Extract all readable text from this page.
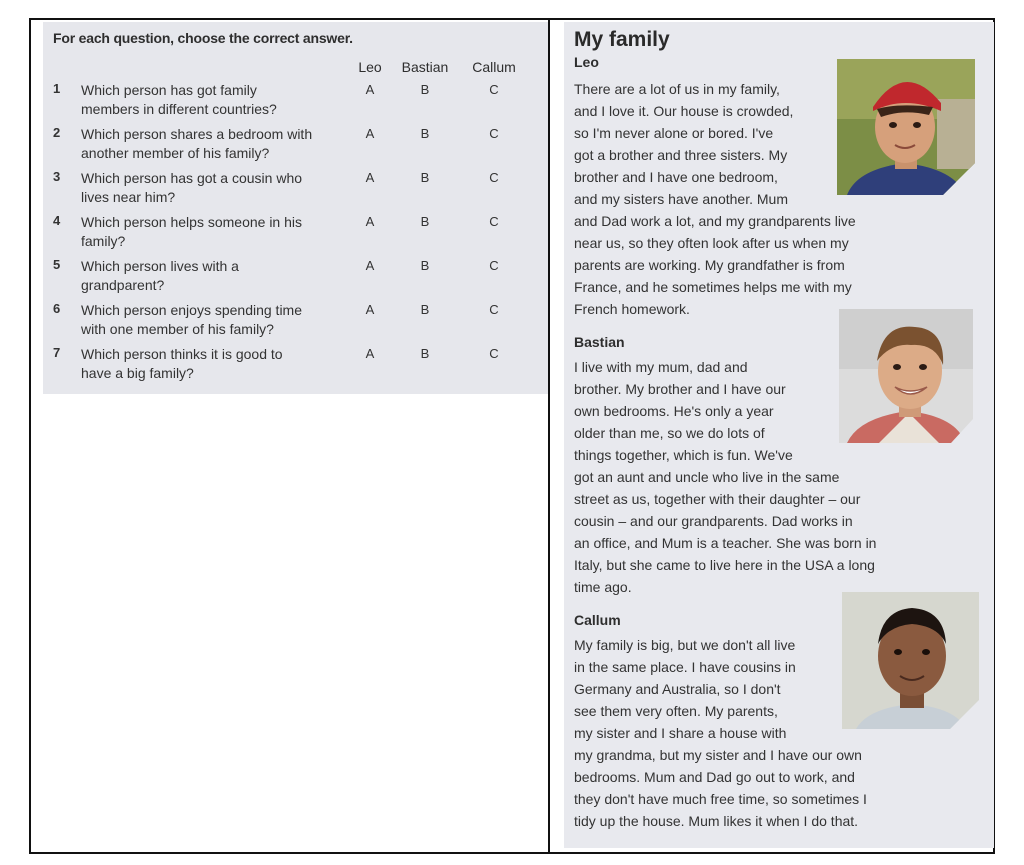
For each question, choose the correct answer.
Leo	Bastian	Callum
1 Which person has got family
members in different countries?
A	B	C
2 Which person shares a bedroom with
another member of his family?
A	B	C
3 Which person has got a cousin who
lives near him?
A	B	C
4 Which person helps someone in his
family?
A	B	C
5 Which person lives with a
grandparent?
A	B	C
6 Which person enjoys spending time
with one member of his family?
A	B	C
7 Which person thinks it is good to
have a big family?
A	B	C
My family
Leo
There are a lot of us in my family,
and I love it. Our house is crowded,
so I'm never alone or bored. I've
got a brother and three sisters. My
brother and I have one bedroom,
and my sisters have another. Mum
and Dad work a lot, and my grandparents live
near us, so they often look after us when my
parents are working. My grandfather is from
France, and he sometimes helps me with my
French homework.
Bastian
I live with my mum, dad and
brother. My brother and I have our
own bedrooms. He's only a year
older than me, so we do lots of
things together, which is fun. We've
got an aunt and uncle who live in the same
street as us, together with their daughter – our
cousin – and our grandparents. Dad works in
an office, and Mum is a teacher. She was born in
Italy, but she came to live here in the USA a long
time ago.
Callum
My family is big, but we don't all live
in the same place. I have cousins in
Germany and Australia, so I don't
see them very often. My parents,
my sister and I share a house with
my grandma, but my sister and I have our own
bedrooms. Mum and Dad go out to work, and
they don't have much free time, so sometimes I
tidy up the house. Mum likes it when I do that.
